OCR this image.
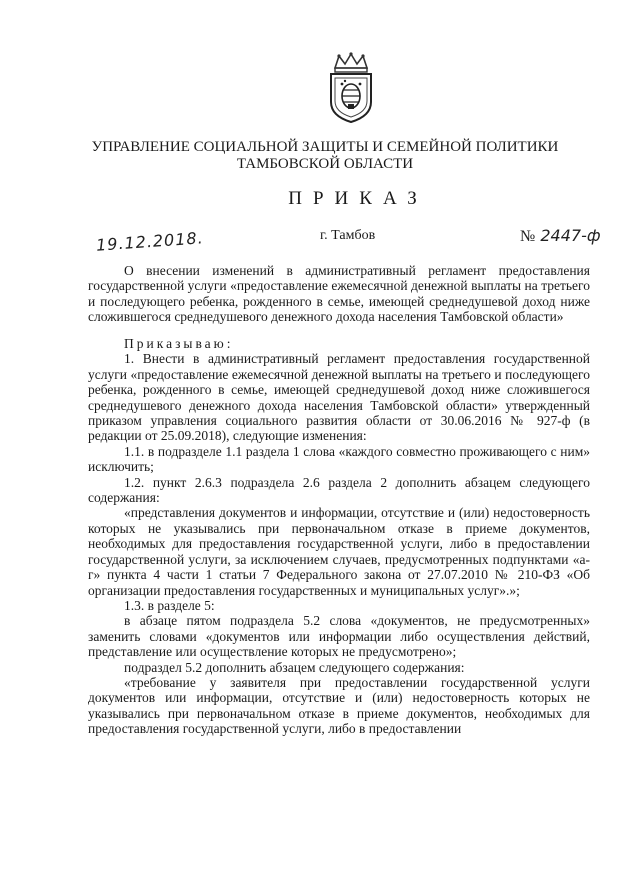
УПРАВЛЕНИЕ СОЦИАЛЬНОЙ ЗАЩИТЫ И СЕМЕЙНОЙ ПОЛИТИКИ
ТАМБОВСКОЙ ОБЛАСТИ
ПРИКАЗ
19.12.2018.	г. Тамбов	№ 2447-ф

О внесении изменений в административный регламент предоставления государственной услуги «предоставление ежемесячной денежной выплаты на третьего и последующего ребенка, рожденного в семье, имеющей среднедушевой доход ниже сложившегося среднедушевого денежного дохода населения Тамбовской области»

Приказываю:

1. Внести в административный регламент предоставления государственной услуги «предоставление ежемесячной денежной выплаты на третьего и последующего ребенка, рожденного в семье, имеющей среднедушевой доход ниже сложившегося среднедушевого денежного дохода населения Тамбовской области» утвержденный приказом управления социального развития области от 30.06.2016 № 927-ф (в редакции от 25.09.2018), следующие изменения:

1.1. в подразделе 1.1 раздела 1 слова «каждого совместно проживающего с ним» исключить;

1.2. пункт 2.6.3 подраздела 2.6 раздела 2 дополнить абзацем следующего содержания:

«представления документов и информации, отсутствие и (или) недостоверность которых не указывались при первоначальном отказе в приеме документов, необходимых для предоставления государственной услуги, либо в предоставлении государственной услуги, за исключением случаев, предусмотренных подпунктами «а-г» пункта 4 части 1 статьи 7 Федерального закона от 27.07.2010 № 210-ФЗ «Об организации предоставления государственных и муниципальных услуг».»;

1.3. в разделе 5:

в абзаце пятом подраздела 5.2 слова «документов, не предусмотренных» заменить словами «документов или информации либо осуществления действий, представление или осуществление которых не предусмотрено»;

подраздел 5.2 дополнить абзацем следующего содержания:

«требование у заявителя при предоставлении государственной услуги документов или информации, отсутствие и (или) недостоверность которых не указывались при первоначальном отказе в приеме документов, необходимых для предоставления государственной услуги, либо в предоставлении
